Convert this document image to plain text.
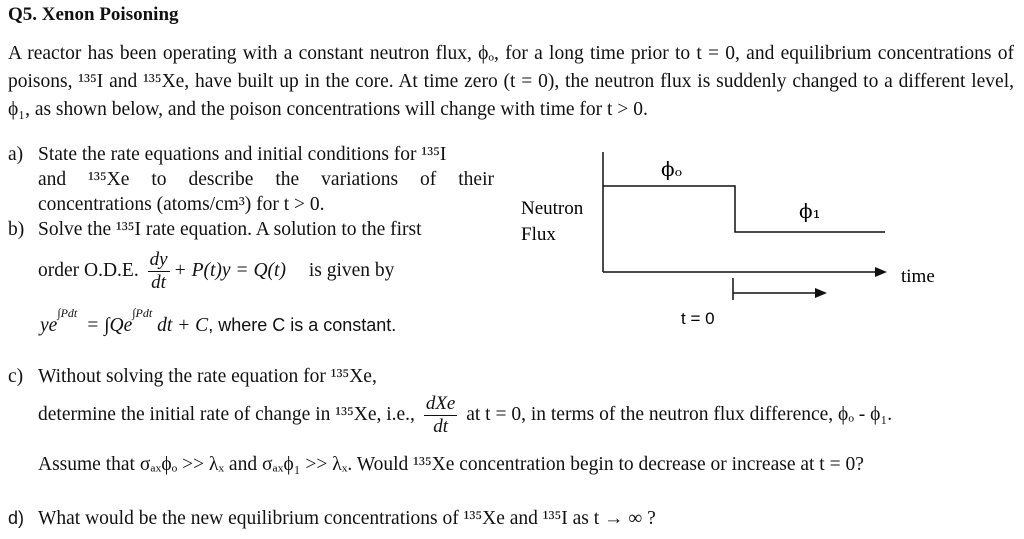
Q5. Xenon Poisoning
A reactor has been operating with a constant neutron flux, ϕₒ, for a long time prior to t = 0, and equilibrium concentrations of poisons, ¹³⁵I and ¹³⁵Xe, have built up in the core. At time zero (t = 0), the neutron flux is suddenly changed to a different level, ϕ₁, as shown below, and the poison concentrations will change with time for t > 0.
a) State the rate equations and initial conditions for ¹³⁵I
and ¹³⁵Xe to describe the variations of their
concentrations (atoms/cm³) for t > 0.
b) Solve the ¹³⁵I rate equation. A solution to the first
order O.D.E. $\frac{dy}{dt} + P(t)y = Q(t)$ is given by
$ye^{\int Pdt} = \int Qe^{\int Pdt}$ dt + C, where C is a constant.
c) Without solving the rate equation for ¹³⁵Xe,
determine the initial rate of change in ¹³⁵Xe, i.e., $\frac{\text{dXe}}{dt}$ at t = 0, in terms of the neutron flux difference, ϕₒ - ϕ₁.
Assume that σₐₓϕₒ >> λₓ and σₐₓϕ₁ >> λₓ. Would ¹³⁵Xe concentration begin to decrease or increase at t = 0?
d) What would be the new equilibrium concentrations of ¹³⁵Xe and ¹³⁵I as t → ∞ ?
Neutron
Flux
ϕₒ
ϕ₁
time
t = 0
